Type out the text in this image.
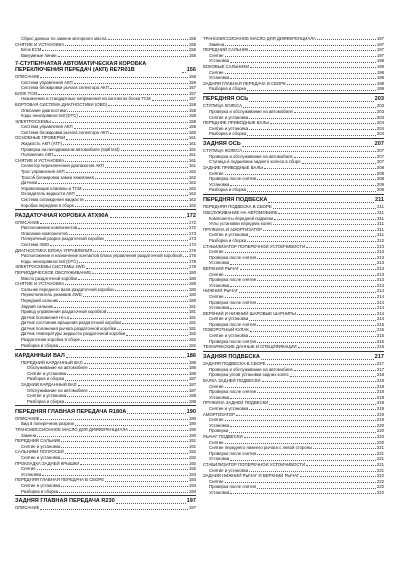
Сброс данных по замене моторного масла	155
СНЯТИЕ И УСТАНОВКА	155
Блок ECM	155
Вакуумные линии	155
7-СТУПЕНЧАТАЯ АВТОМАТИЧЕСКАЯ КОРОБКА ПЕРЕКЛЮЧЕНИЯ ПЕРЕДАЧ (АКП) RE7R01B	156
ОПИСАНИЕ	156
Система управления АКП	156
Система блокировки рычага селектора АКП	157
БЛОК TCM	157
Назначение и стандартные напряжения на контактах блока TCM	157
БОРТОВАЯ СИСТЕМА ДИАГНОСТИКИ (OBD)	158
Описание диагностики	158
Коды неисправностей (DTC)	158
ЭЛЕКТРОСХЕМЫ	159
Система управления АКП	159
Система блокировки рычага селектора АКП	160
ОСНОВНЫЕ ПРОВЕРКИ	161
Жидкость АКП (ATF)	161
Проверка на неподвижном автомобиле (stall test)	161
Положение АКП	161
СНЯТИЕ И УСТАНОВКА	161
Селектор переключения диапазонов АКП	161
Трос управления АКП	162
Трособ блокировки замка зажигания	162
Датчики	162
Управляющие клапаны и TCM	162
Охладитель жидкости АКП	162
Система охлаждения жидкости	162
Коробка передачи в сборе	162
РАЗДАТОЧНАЯ КОРОБКА ATX90A	172
ОПИСАНИЕ	172
Расположение компонентов	172
Описание компонентов	173
Поперечный разрез раздаточной коробки	173
Система 4WD	174
ДИАГНОСТИКА БЛОКА УПРАВЛЕНИЯ	176
Расположение и назначение контактов блока управления раздаточной коробкой 176
Коды неисправностей (DTC)	178
ЭЛЕКТРОСХЕМЫ СИСТЕМЫ 4WD	179
ПЕРИОДИЧЕСКОЕ ОБСЛУЖИВАНИЕ	180
Масло раздаточной коробки	180
СНЯТИЕ И УСТАНОВКА	180
Сальник переднего вала раздаточной коробки	180
Переключатель режимов 4WD	180
Передний сальник	180
Задний сальник	181
Привод управления раздаточной коробкой	181
Датчик положения Hi-Lo	181
Датчик состояния вращения раздаточной коробки	181
Датчик положения рычага раздаточной коробки	181
Датчик температуры жидкости раздаточной коробки	182
Раздаточная коробка в сборе	182
Разборка и сборка	182
КАРДАННЫЙ ВАЛ	186
ПЕРЕДНИЙ КАРДАННЫЙ ВАЛ	186
Обслуживание на автомобиле	186
Снятие и установка	186
Разборка и сборка	187
ЗАДНИЙ КАРДАННЫЙ ВАЛ	187
Обслуживание на автомобиле	187
Снятие и установка	188
Разборка и сборка	188
ПЕРЕДНЯЯ ГЛАВНАЯ ПЕРЕДАЧА R180A	190
ОПИСАНИЕ	190
Вид в поперечном разрезе	190
ТРАНСМИССИОННОЕ МАСЛО ДЛЯ ДИФФЕРЕНЦИАЛА	190
Замена	190
ПЕРЕДНИЙ САЛЬНИК	191
Снятие и установка	191
САЛЬНИКИ ПОЛУОСЕЙ	192
Снятие и установка	192
ПРОКЛАДКА ЗАДНЕЙ КРЫШКИ	192
Снятие	192
Установка	193
ПЕРЕДНЯЯ ГЛАВНАЯ ПЕРЕДАЧА В СБОРЕ	193
Снятие и установка	193
Разборка и сборка	193
ЗАДНЯЯ ГЛАВНАЯ ПЕРЕДАЧА R230	197
ОПИСАНИЕ	197
ТРАНСМИССИОННОЕ МАСЛО ДЛЯ ДИФФЕРЕНЦИАЛА	197
Замена	197
ПЕРЕДНИЙ САЛЬНИК	197
Снятие	197
Установка	198
БОКОВЫЕ САЛЬНИКИ	198
Снятие	198
Установка	198
ЗАДНЯЯ ГЛАВНАЯ ПЕРЕДАЧА В СБОРЕ	198
Разборка и сборка	199
ПЕРЕДНЯЯ ОСЬ	203
СТУПИЦА КОЛЕСА	203
Проверка и обслуживание на автомобиле	203
Снятие и установка	203
ПЕРЕДНИЕ ПРИВОДНЫЕ ВАЛЫ	204
Снятие и установка	204
Разборка и сборка	204
ЗАДНЯЯ ОСЬ	207
СТУПИЦА КОЛЕСА	207
Проверка и обслуживание на автомобиле	207
Ступица и подшипник заднего колеса в сборе	207
ЗАДНИЕ ПРИВОДНЫЕ ВАЛЫ	208
Снятие	208
Проверка после снятия	208
Установка	209
Разборка и сборка	209
ПЕРЕДНЯЯ ПОДВЕСКА	211
ПЕРЕДНЯЯ ПОДВЕСКА В СБОРЕ	211
ОБСЛУЖИВАНИЕ НА АВТОМОБИЛЕ	211
Компоненты передней подвески	211
Углы установки передних колес	211
ПРУЖИНА И АМОРТИЗАТОР	211
Снятие и установка	211
Разборка и сборка	212
СТАБИЛИЗАТОР ПОПЕРЕЧНОЙ УСТОЙЧИВОСТИ	213
Снятие	213
Проверка после снятия	213
Установка	213
ВЕРХНИЙ РЫЧАГ	213
Снятие	213
Проверка после снятия	213
Установка	214
НИЖНИЙ РЫЧАГ	214
Снятие	214
Проверка после снятия	214
Установка	214
ВЕРХНИЙ И НИЖНИЙ ШАРОВЫЕ ШАРНИРЫ	214
Снятие и установка	214
Проверка после снятия	215
ПОВОРОТНЫЙ КУЛАК	215
Снятие и установка	215
Проверка после снятия	215
ТЕХНИЧЕСКИЕ ДАННЫЕ И СПЕЦИФИКАЦИИ	216
ЗАДНЯЯ ПОДВЕСКА	217
ЗАДНЯЯ ПОДВЕСКА В СБОРЕ	217
Проверка и обслуживание на автомобиле	217
Проверка углов установки задних колес	218
БАЛКА ЗАДНЕЙ ПОДВЕСКИ	218
Снятие	218
Проверка после снятия	218
Установка	218
ПРУЖИНА ЗАДНЕЙ ПОДВЕСКИ	219
Снятие и установка	219
АМОРТИЗАТОР	219
Снятие	219
Установка	220
Проверка	220
РЫЧАГ ПОДВЕСКИ	220
Снятие	220
Снятие переднего нижнего рычага с левой стороны	221
Проверка после снятия	221
Установка	221
СТАБИЛИЗАТОР ПОПЕРЕЧНОЙ УСТОЙЧИВОСТИ	221
Снятие и установка	221
ЗАДНИЙ НИЖНИЙ РЫЧАГ И ВЕРХНИЙ РЫЧАГ	222
Снятие	222
Проверка после снятия	222
Установка	222
